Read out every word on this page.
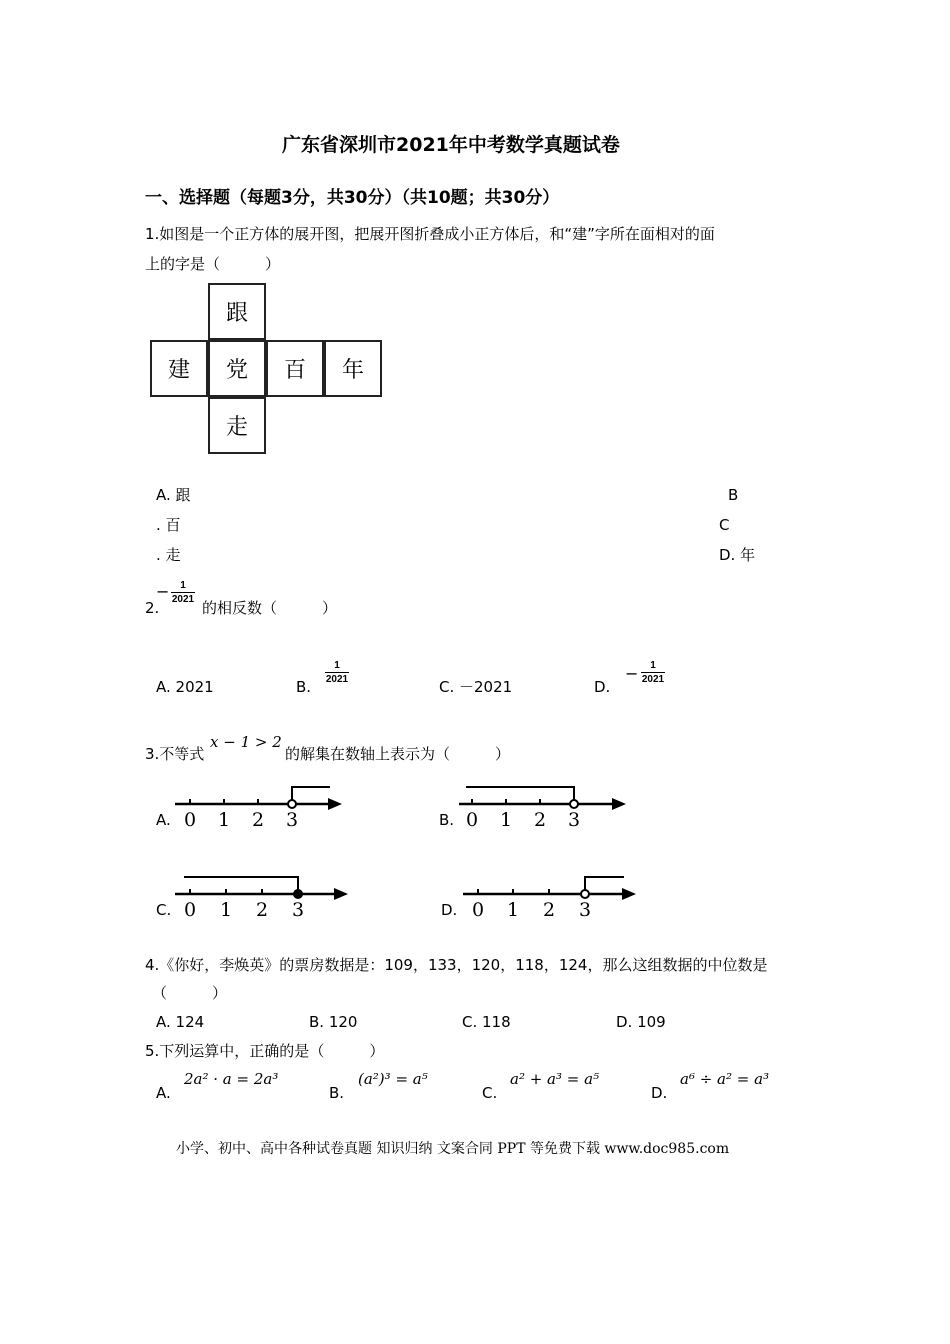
广东省深圳市2021年中考数学真题试卷
一、选择题（每题3分，共30分）（共10题；共30分）
1.如图是一个正方体的展开图，把展开图折叠成小正方体后，和“建”字所在面相对的面
上的字是（　　　）
跟
建	党	百	年
走
A. 跟	B
. 百	C
. 走	D. 年
2.
− 1
2021 的相反数（　　　）
A. 2021	B.
1
2021	C. －2021	D.
− 1
2021
3.不等式
x − 1 > 2
的解集在数轴上表示为（　　　）
A.	B.
C.	D.
0 1 2 3	0 1 2 3
0 1 2 3	0 1 2 3
4.《你好，李焕英》的票房数据是：109，133，120，118，124，那么这组数据的中位数是
（　　　）
A. 124	B. 120	C. 118	D. 109
5.下列运算中，正确的是（　　　）
A.
2a² · a = 2a³
B.
(a²)³ = a⁵
C.
a² + a³ = a⁵
D.
a⁶ ÷ a² = a³
小学、初中、高中各种试卷真题 知识归纳 文案合同 PPT 等免费下载 www.doc985.com
